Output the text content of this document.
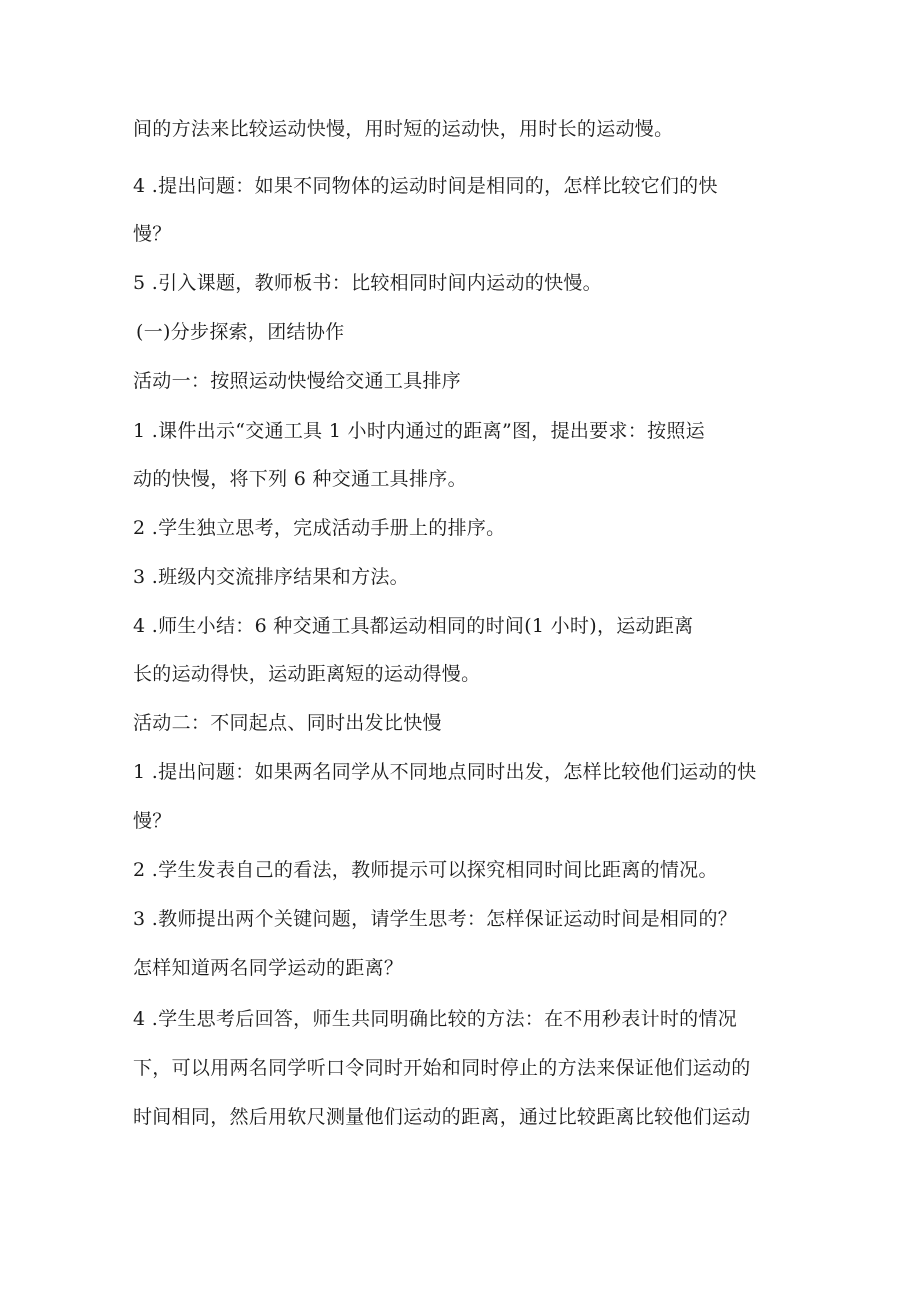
间的方法来比较运动快慢，用时短的运动快，用时长的运动慢。

4 .提出问题：如果不同物体的运动时间是相同的，怎样比较它们的快

慢？

5 .引入课题，教师板书：比较相同时间内运动的快慢。

(一)分步探索，团结协作

活动一：按照运动快慢给交通工具排序

1 .课件出示“交通工具 1 小时内通过的距离”图，提出要求：按照运

动的快慢，将下列 6 种交通工具排序。

2 .学生独立思考，完成活动手册上的排序。

3 .班级内交流排序结果和方法。

4 .师生小结：6 种交通工具都运动相同的时间(1 小时)，运动距离

长的运动得快，运动距离短的运动得慢。

活动二：不同起点、同时出发比快慢

1 .提出问题：如果两名同学从不同地点同时出发，怎样比较他们运动的快

慢？

2 .学生发表自己的看法，教师提示可以探究相同时间比距离的情况。

3 .教师提出两个关键问题，请学生思考：怎样保证运动时间是相同的？

怎样知道两名同学运动的距离？

4 .学生思考后回答，师生共同明确比较的方法：在不用秒表计时的情况

下，可以用两名同学听口令同时开始和同时停止的方法来保证他们运动的

时间相同，然后用软尺测量他们运动的距离，通过比较距离比较他们运动
